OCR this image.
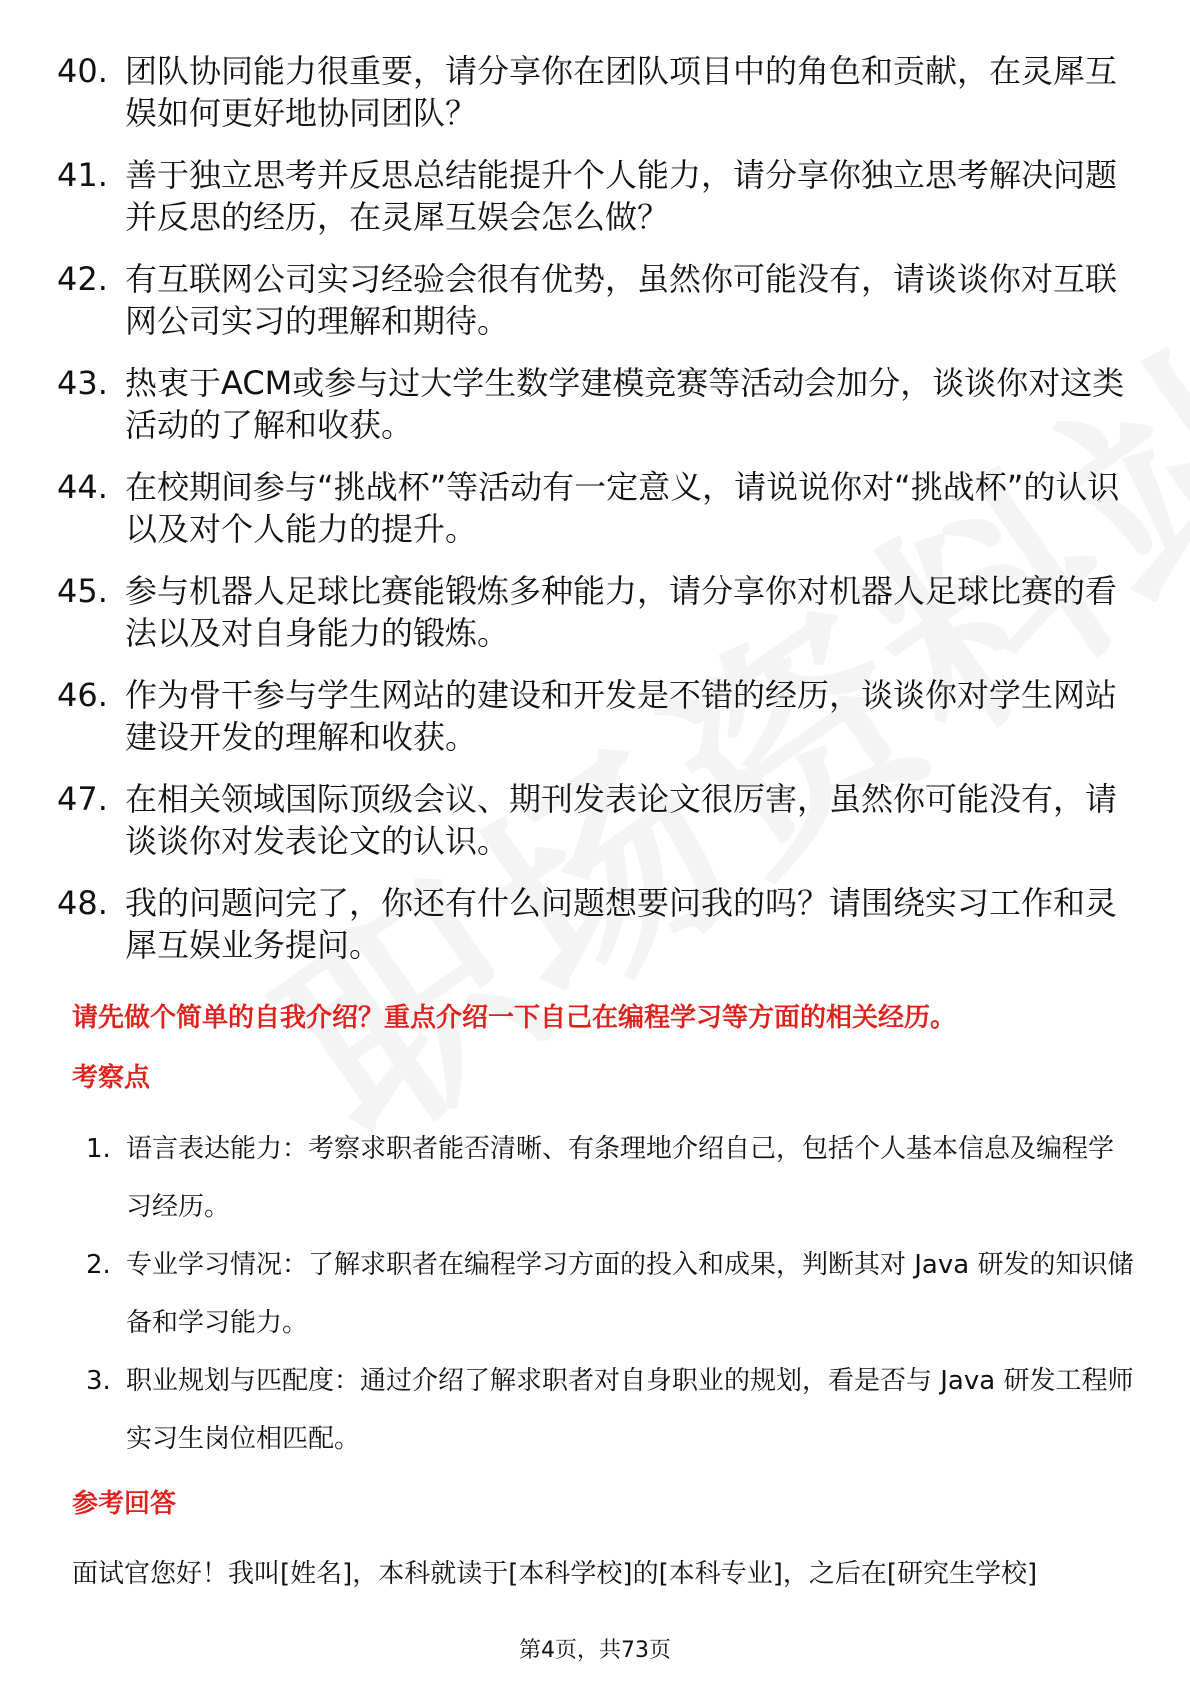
40. 团队协同能力很重要，请分享你在团队项目中的角色和贡献，在灵犀互娱如何更好地协同团队？
41. 善于独立思考并反思总结能提升个人能力，请分享你独立思考解决问题并反思的经历，在灵犀互娱会怎么做？
42. 有互联网公司实习经验会很有优势，虽然你可能没有，请谈谈你对互联网公司实习的理解和期待。
43. 热衷于ACM或参与过大学生数学建模竞赛等活动会加分，谈谈你对这类活动的了解和收获。
44. 在校期间参与“挑战杯”等活动有一定意义，请说说你对“挑战杯”的认识以及对个人能力的提升。
45. 参与机器人足球比赛能锻炼多种能力，请分享你对机器人足球比赛的看法以及对自身能力的锻炼。
46. 作为骨干参与学生网站的建设和开发是不错的经历，谈谈你对学生网站建设开发的理解和收获。
47. 在相关领域国际顶级会议、期刊发表论文很厉害，虽然你可能没有，请谈谈你对发表论文的认识。
48. 我的问题问完了，你还有什么问题想要问我的吗？请围绕实习工作和灵犀互娱业务提问。
请先做个简单的自我介绍？重点介绍一下自己在编程学习等方面的相关经历。
考察点
1. 语言表达能力：考察求职者能否清晰、有条理地介绍自己，包括个人基本信息及编程学习经历。
2. 专业学习情况：了解求职者在编程学习方面的投入和成果，判断其对 Java 研发的知识储备和学习能力。
3. 职业规划与匹配度：通过介绍了解求职者对自身职业的规划，看是否与 Java 研发工程师实习生岗位相匹配。
参考回答
面试官您好！我叫[姓名]，本科就读于[本科学校]的[本科专业]，之后在[研究生学校]
第4页，共73页
